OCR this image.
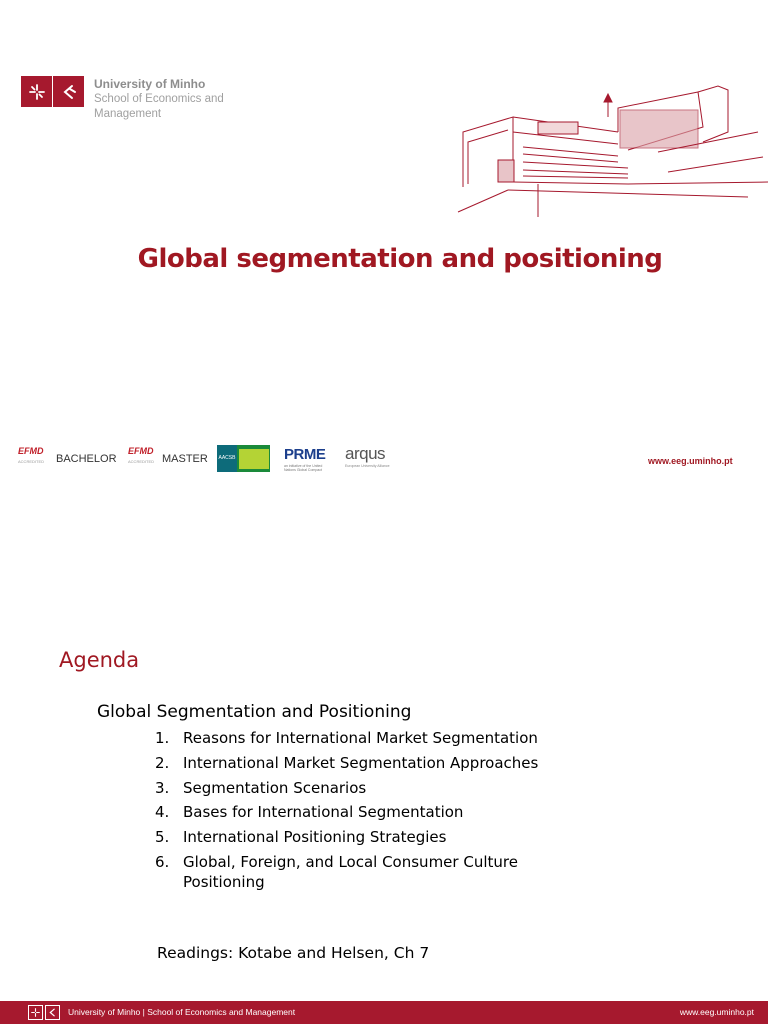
University of Minho
School of Economics and Management
Global segmentation and positioning
EFMD
ACCREDITED BACHELOR
EFMD
ACCREDITED MASTER	AACSB	PRME
an initiative of the United Nations Global Compact
arqus
European University Alliance	www.eeg.uminho.pt
Agenda

Global Segmentation and Positioning

1. Reasons for International Market Segmentation
2. International Market Segmentation Approaches
3. Segmentation Scenarios
4. Bases for International Segmentation
5. International Positioning Strategies
6. Global, Foreign, and Local Consumer Culture Positioning
Readings: Kotabe and Helsen, Ch 7
University of Minho | School of Economics and Management	www.eeg.uminho.pt
